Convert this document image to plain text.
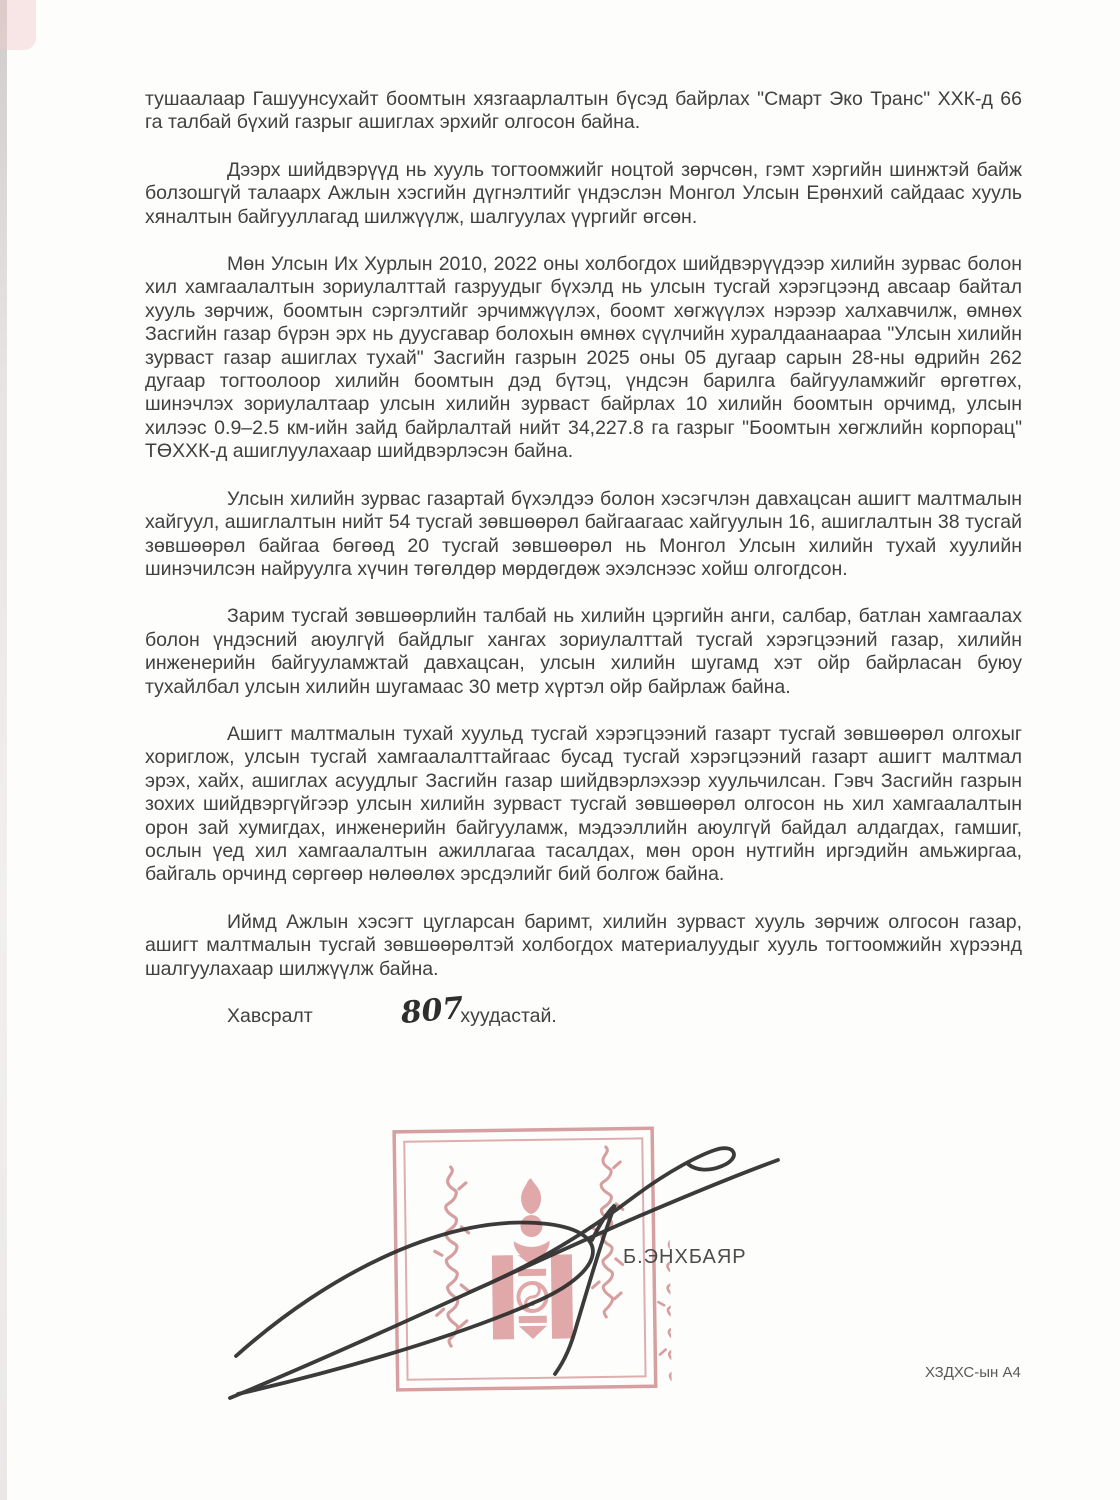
тушаалаар Гашуунсухайт боомтын хязгаарлалтын бүсэд байрлах "Смарт Эко Транс" ХХК-д 66 га талбай бүхий газрыг ашиглах эрхийг олгосон байна.

Дээрх шийдвэрүүд нь хууль тогтоомжийг ноцтой зөрчсөн, гэмт хэргийн шинжтэй байж болзошгүй талаарх Ажлын хэсгийн дүгнэлтийг үндэслэн Монгол Улсын Ерөнхий сайдаас хууль хяналтын байгууллагад шилжүүлж, шалгуулах үүргийг өгсөн.

Мөн Улсын Их Хурлын 2010, 2022 оны холбогдох шийдвэрүүдээр хилийн зурвас болон хил хамгаалалтын зориулалттай газруудыг бүхэлд нь улсын тусгай хэрэгцээнд авсаар байтал хууль зөрчиж, боомтын сэргэлтийг эрчимжүүлэх, боомт хөгжүүлэх нэрээр халхавчилж, өмнөх Засгийн газар бүрэн эрх нь дуусгавар болохын өмнөх сүүлчийн хуралдаанаараа "Улсын хилийн зурваст газар ашиглах тухай" Засгийн газрын 2025 оны 05 дугаар сарын 28-ны өдрийн 262 дугаар тогтоолоор хилийн боомтын дэд бүтэц, үндсэн барилга байгууламжийг өргөтгөх, шинэчлэх зориулалтаар улсын хилийн зурваст байрлах 10 хилийн боомтын орчимд, улсын хилээс 0.9–2.5 км-ийн зайд байрлалтай нийт 34,227.8 га газрыг "Боомтын хөгжлийн корпорац" ТӨХХК-д ашиглуулахаар шийдвэрлэсэн байна.

Улсын хилийн зурвас газартай бүхэлдээ болон хэсэгчлэн давхацсан ашигт малтмалын хайгуул, ашиглалтын нийт 54 тусгай зөвшөөрөл байгаагаас хайгуулын 16, ашиглалтын 38 тусгай зөвшөөрөл байгаа бөгөөд 20 тусгай зөвшөөрөл нь Монгол Улсын хилийн тухай хуулийн шинэчилсэн найруулга хүчин төгөлдөр мөрдөгдөж эхэлснээс хойш олгогдсон.

Зарим тусгай зөвшөөрлийн талбай нь хилийн цэргийн анги, салбар, батлан хамгаалах болон үндэсний аюулгүй байдлыг хангах зориулалттай тусгай хэрэгцээний газар, хилийн инженерийн байгууламжтай давхацсан, улсын хилийн шугамд хэт ойр байрласан буюу тухайлбал улсын хилийн шугамаас 30 метр хүртэл ойр байрлаж байна.

Ашигт малтмалын тухай хуульд тусгай хэрэгцээний газарт тусгай зөвшөөрөл олгохыг хориглож, улсын тусгай хамгаалалттайгаас бусад тусгай хэрэгцээний газарт ашигт малтмал эрэх, хайх, ашиглах асуудлыг Засгийн газар шийдвэрлэхээр хуульчилсан. Гэвч Засгийн газрын зохих шийдвэргүйгээр улсын хилийн зурваст тусгай зөвшөөрөл олгосон нь хил хамгаалалтын орон зай хумигдах, инженерийн байгууламж, мэдээллийн аюулгүй байдал алдагдах, гамшиг, ослын үед хил хамгаалалтын ажиллагаа тасалдах, мөн орон нутгийн иргэдийн амьжиргаа, байгаль орчинд сөргөөр нөлөөлөх эрсдэлийг бий болгож байна.

Иймд Ажлын хэсэгт цугларсан баримт, хилийн зурваст хууль зөрчиж олгосон газар, ашигт малтмалын тусгай зөвшөөрөлтэй холбогдох материалуудыг хууль тогтоомжийн хүрээнд шалгуулахаар шилжүүлж байна.

Хавсралт	807хуудастай.

Б.ЭНХБАЯР
ХЗДХС-ын А4
